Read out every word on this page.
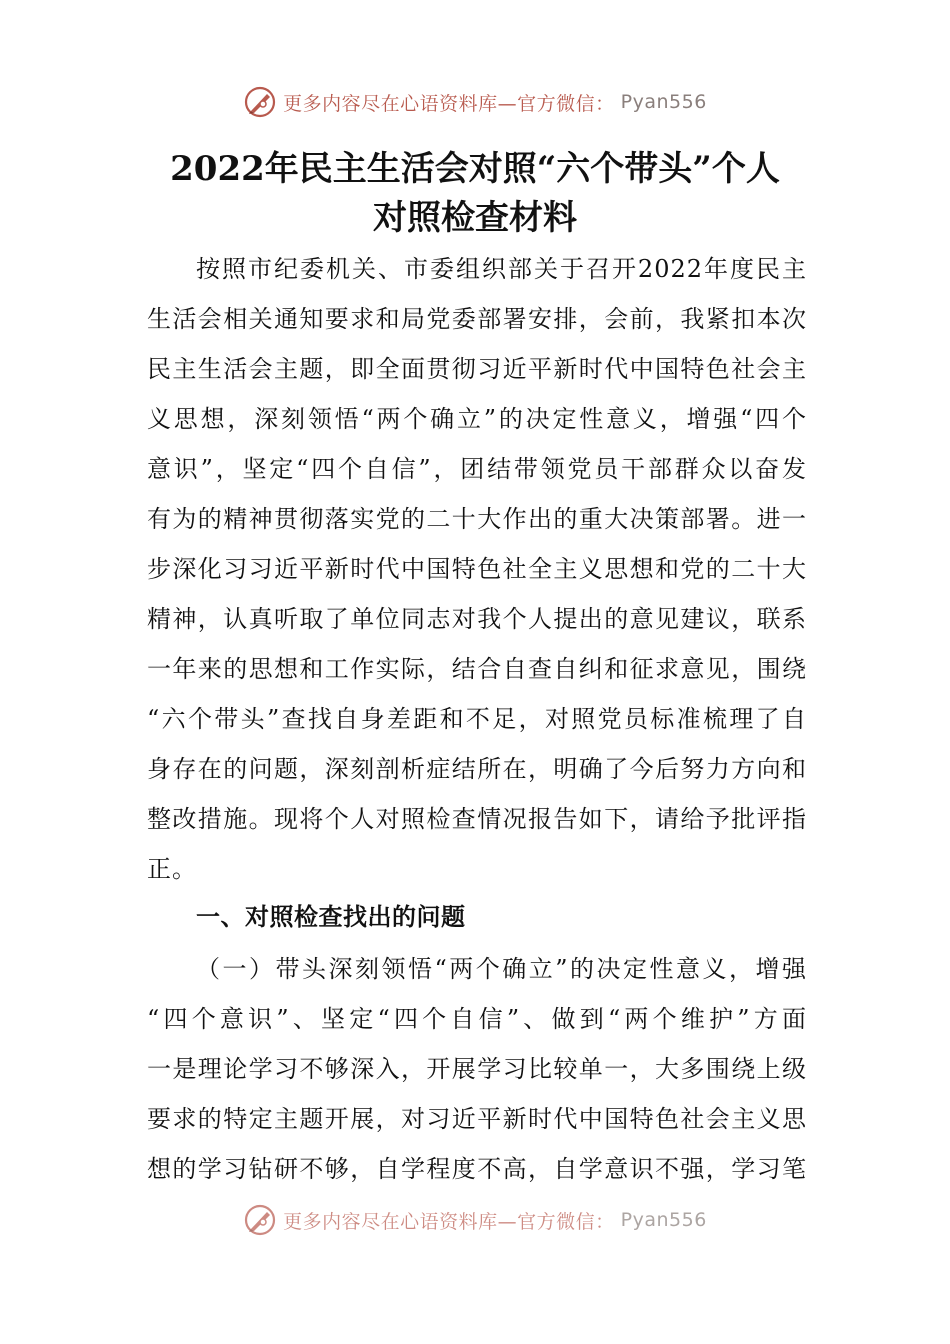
更多内容尽在心语资料库—官方微信： Pyan556
2022年民主生活会对照“六个带头”个人
对照检查材料
按照市纪委机关、市委组织部关于召开2022年度民主
生活会相关通知要求和局党委部署安排，会前，我紧扣本次
民主生活会主题，即全面贯彻习近平新时代中国特色社会主
义思想，深刻领悟“两个确立”的决定性意义，增强“四个
意识”，坚定“四个自信”，团结带领党员干部群众以奋发
有为的精神贯彻落实党的二十大作出的重大决策部署。进一
步深化习习近平新时代中国特色社全主义思想和党的二十大
精神，认真听取了单位同志对我个人提出的意见建议，联系
一年来的思想和工作实际，结合自查自纠和征求意见，围绕
“六个带头”查找自身差距和不足，对照党员标准梳理了自
身存在的问题，深刻剖析症结所在，明确了今后努力方向和
整改措施。现将个人对照检查情况报告如下，请给予批评指
正。
一、对照检查找出的问题
（一）带头深刻领悟“两个确立”的决定性意义，增强
“四个意识”、坚定“四个自信”、做到“两个维护”方面
一是理论学习不够深入，开展学习比较单一，大多围绕上级
要求的特定主题开展，对习近平新时代中国特色社会主义思
想的学习钻研不够，自学程度不高，自学意识不强，学习笔
更多内容尽在心语资料库—官方微信： Pyan556
